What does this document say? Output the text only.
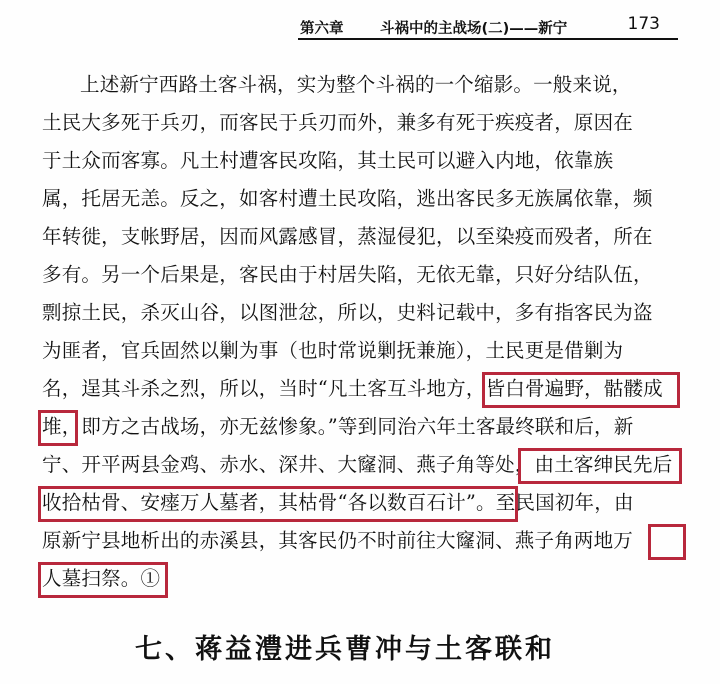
第六章	斗祸中的主战场(二)——新宁	173
上述新宁西路土客斗祸，实为整个斗祸的一个缩影。一般来说，
土民大多死于兵刃，而客民于兵刃而外，兼多有死于疾疫者，原因在
于土众而客寡。凡土村遭客民攻陷，其土民可以避入内地，依靠族
属，托居无恙。反之，如客村遭土民攻陷，逃出客民多无族属依靠，频
年转徙，支帐野居，因而风露感冒，蒸湿侵犯，以至染疫而殁者，所在
多有。另一个后果是，客民由于村居失陷，无依无靠，只好分结队伍，
剽掠土民，杀灭山谷，以图泄忿，所以，史料记载中，多有指客民为盗
为匪者，官兵固然以剿为事（也时常说剿抚兼施），土民更是借剿为
名，逞其斗杀之烈，所以，当时“凡土客互斗地方，皆白骨遍野，骷髅成
堆，即方之古战场，亦无兹惨象。”等到同治六年土客最终联和后，新
宁、开平两县金鸡、赤水、深井、大窿洞、燕子角等处，由土客绅民先后
收拾枯骨、安瘗万人墓者，其枯骨“各以数百石计”。至民国初年，由
原新宁县地析出的赤溪县，其客民仍不时前往大窿洞、燕子角两地万
人墓扫祭。①
七、蒋益澧进兵曹冲与土客联和
